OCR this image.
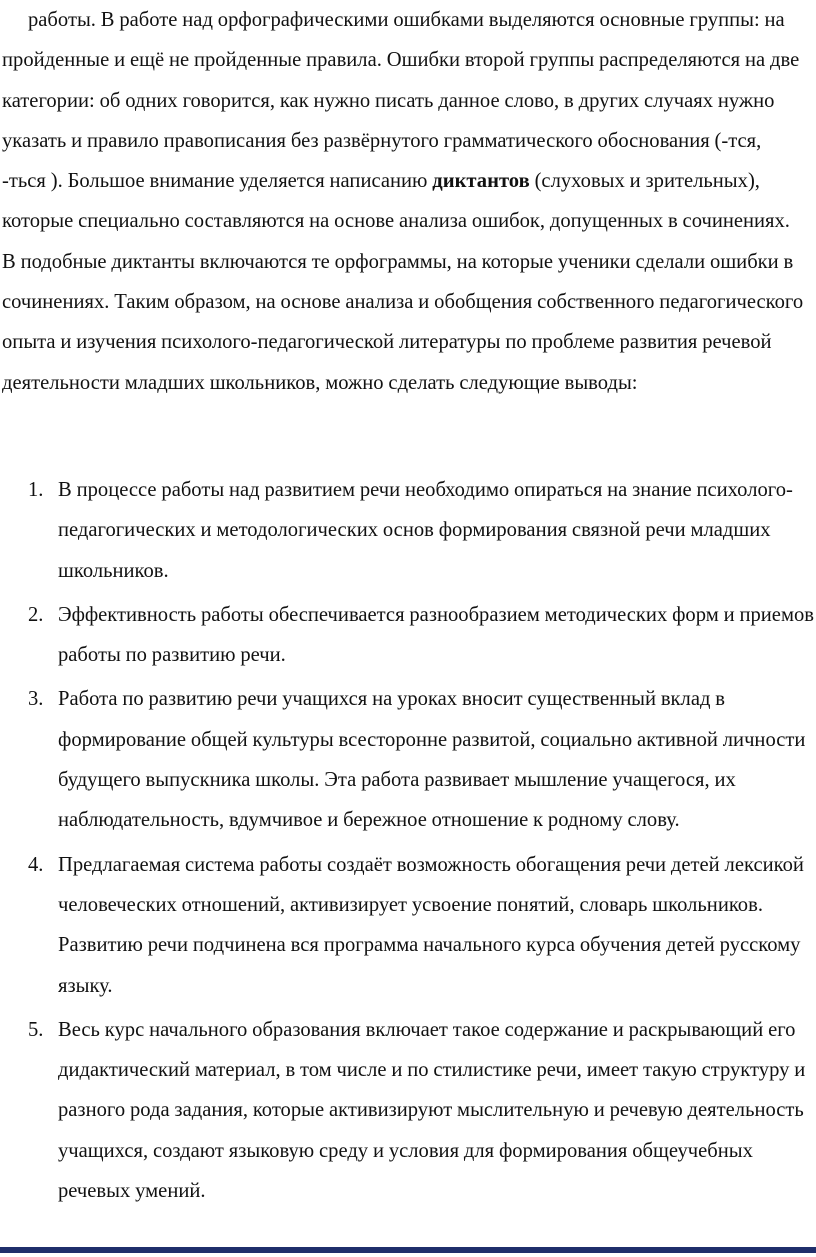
работы. В работе над орфографическими ошибками выделяются основные группы: на пройденные и ещё не пройденные правила. Ошибки второй группы распределяются на две категории: об одних говорится, как нужно писать данное слово, в других случаях нужно указать и правило правописания без развёрнутого грамматического обоснования (-тся, -ться ). Большое внимание уделяется написанию диктантов (слуховых и зрительных), которые специально составляются на основе анализа ошибок, допущенных в сочинениях. В подобные диктанты включаются те орфограммы, на которые ученики сделали ошибки в сочинениях. Таким образом, на основе анализа и обобщения собственного педагогического опыта и изучения психолого-педагогической литературы по проблеме развития речевой деятельности младших школьников, можно сделать следующие выводы:

1. В процессе работы над развитием речи необходимо опираться на знание психолого-педагогических и методологических основ формирования связной речи младших школьников.
2. Эффективность работы обеспечивается разнообразием методических форм и приемов работы по развитию речи.
3. Работа по развитию речи учащихся на уроках вносит существенный вклад в формирование общей культуры всесторонне развитой, социально активной личности будущего выпускника школы. Эта работа развивает мышление учащегося, их наблюдательность, вдумчивое и бережное отношение к родному слову.
4. Предлагаемая система работы создаёт возможность обогащения речи детей лексикой человеческих отношений, активизирует усвоение понятий, словарь школьников. Развитию речи подчинена вся программа начального курса обучения детей русскому языку.
5. Весь курс начального образования включает такое содержание и раскрывающий его дидактический материал, в том числе и по стилистике речи, имеет такую структуру и разного рода задания, которые активизируют мыслительную и речевую деятельность учащихся, создают языковую среду и условия для формирования общеучебных речевых умений.
